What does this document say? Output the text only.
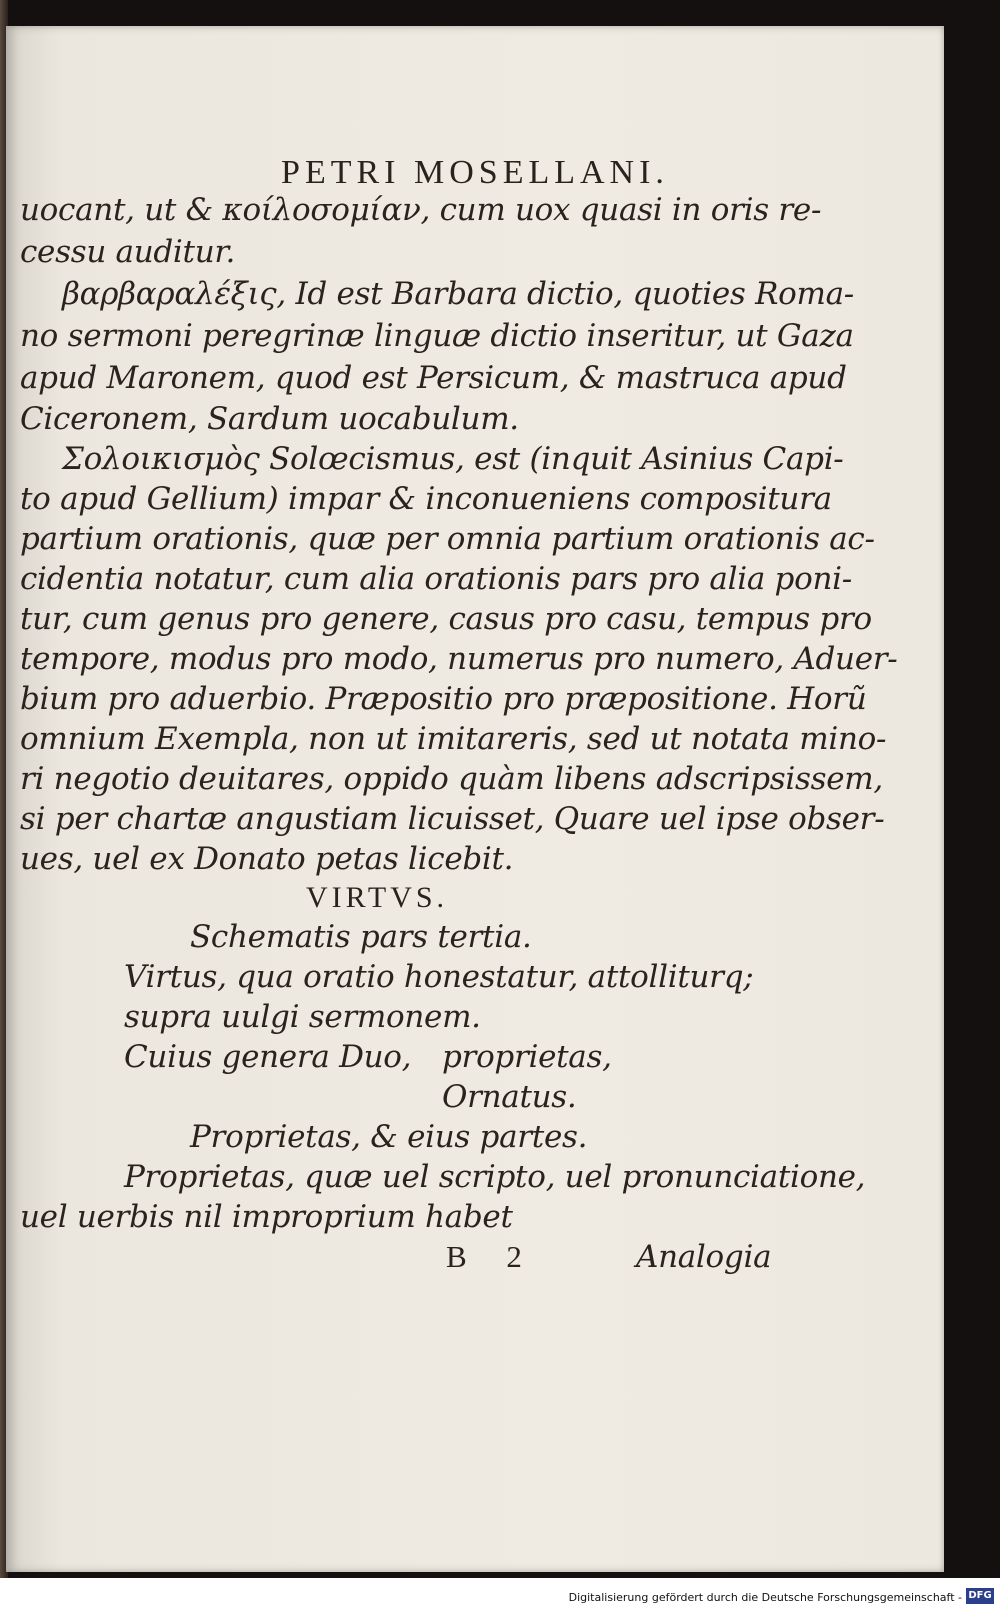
PETRI MOSELLANI.
uocant, ut & κοίλοσομίαν, cum uox quasi in oris re-
cessu auditur.
βαρβαραλέξις, Id est Barbara dictio, quoties Roma-
no sermoni peregrinæ linguæ dictio inseritur, ut Gaza
apud Maronem, quod est Persicum, & mastruca apud
Ciceronem, Sardum uocabulum.
Σολοικισμὸς Solœcismus, est (inquit Asinius Capi-
to apud Gellium) impar & inconueniens compositura
partium orationis, quæ per omnia partium orationis ac-
cidentia notatur, cum alia orationis pars pro alia poni-
tur, cum genus pro genere, casus pro casu, tempus pro
tempore, modus pro modo, numerus pro numero, Aduer-
bium pro aduerbio. Præpositio pro præpositione. Horũ
omnium Exempla, non ut imitareris, sed ut notata mino-
ri negotio deuitares, oppido quàm libens adscripsissem,
si per chartæ angustiam licuisset, Quare uel ipse obser-
ues, uel ex Donato petas licebit.
VIRTVS.
Schematis pars tertia.
Virtus, qua oratio honestatur, attolliturq;
supra uulgi sermonem.
Cuius genera Duo, proprietas,
Ornatus.
Proprietas, & eius partes.
Proprietas, quæ uel scripto, uel pronunciatione,
uel uerbis nil improprium habet
B 2	Analogia
Digitalisierung gefördert durch die Deutsche Forschungsgemeinschaft - DFG
